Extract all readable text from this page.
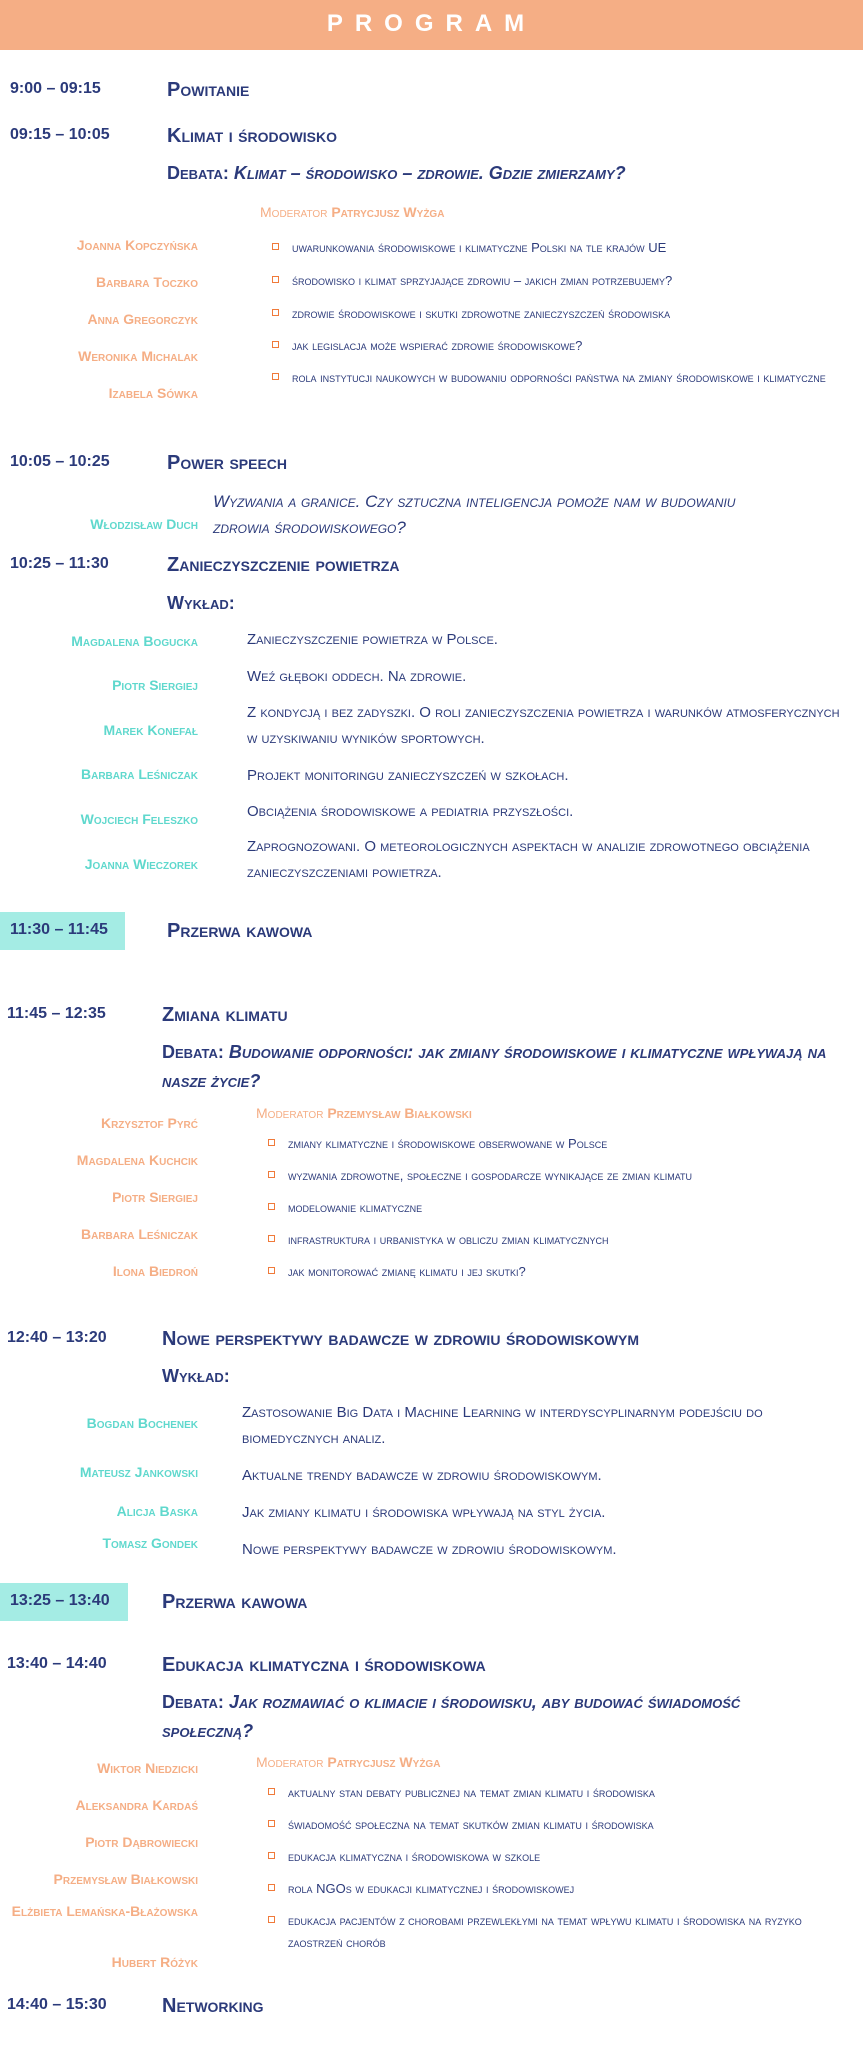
PROGRAM
9:00 – 09:15	Powitanie
09:15 – 10:05	Klimat i środowisko
Debata: Klimat – środowisko – zdrowie. Gdzie zmierzamy?
Moderator Patrycjusz Wyżga
Joanna Kopczyńska
Barbara Toczko
Anna Gregorczyk
Weronika Michalak
Izabela Sówka
uwarunkowania środowiskowe i klimatyczne Polski na tle krajów UE
środowisko i klimat sprzyjające zdrowiu – jakich zmian potrzebujemy?
zdrowie środowiskowe i skutki zdrowotne zanieczyszczeń środowiska
jak legislacja może wspierać zdrowie środowiskowe?
rola instytucji naukowych w budowaniu odporności państwa na zmiany środowiskowe i klimatyczne
10:05 – 10:25	Power speech
Włodzisław Duch
Wyzwania a granice. Czy sztuczna inteligencja pomoże nam w budowaniu zdrowia środowiskowego?
10:25 – 11:30	Zanieczyszczenie powietrza
Wykład:
Magdalena Bogucka	Zanieczyszczenie powietrza w Polsce.
Piotr Siergiej	Weź głęboki oddech. Na zdrowie.
Marek Konefał
Z kondycją i bez zadyszki. O roli zanieczyszczenia powietrza i warunków atmosferycznych w uzyskiwaniu wyników sportowych.
Barbara Leśniczak	Projekt monitoringu zanieczyszczeń w szkołach.
Wojciech Feleszko	Obciążenia środowiskowe a pediatria przyszłości.
Joanna Wieczorek
Zaprognozowani. O meteorologicznych aspektach w analizie zdrowotnego obciążenia zanieczyszczeniami powietrza.
11:30 – 11:45	Przerwa kawowa
11:45 – 12:35	Zmiana klimatu
Debata: Budowanie odporności: jak zmiany środowiskowe i klimatyczne wpływają na nasze życie?
Moderator Przemysław Białkowski
Krzysztof Pyrć
Magdalena Kuchcik
Piotr Siergiej
Barbara Leśniczak
Ilona Biedroń
zmiany klimatyczne i środowiskowe obserwowane w Polsce
wyzwania zdrowotne, społeczne i gospodarcze wynikające ze zmian klimatu
modelowanie klimatyczne
infrastruktura i urbanistyka w obliczu zmian klimatycznych
jak monitorować zmianę klimatu i jej skutki?
12:40 – 13:20	Nowe perspektywy badawcze w zdrowiu środowiskowym
Wykład:
Bogdan Bochenek
Zastosowanie Big Data i Machine Learning w interdyscyplinarnym podejściu do biomedycznych analiz.
Mateusz Jankowski	Aktualne trendy badawcze w zdrowiu środowiskowym.
Alicja Baska	Jak zmiany klimatu i środowiska wpływają na styl życia.
Tomasz Gondek	Nowe perspektywy badawcze w zdrowiu środowiskowym.
13:25 – 13:40	Przerwa kawowa
13:40 – 14:40	Edukacja klimatyczna i środowiskowa
Debata: Jak rozmawiać o klimacie i środowisku, aby budować świadomość społeczną?
Moderator Patrycjusz Wyżga
Wiktor Niedzicki
Aleksandra Kardaś
Piotr Dąbrowiecki
Przemysław Białkowski
Elżbieta Lemańska-Błażowska
Hubert Różyk
aktualny stan debaty publicznej na temat zmian klimatu i środowiska
świadomość społeczna na temat skutków zmian klimatu i środowiska
edukacja klimatyczna i środowiskowa w szkole
rola NGOs w edukacji klimatycznej i środowiskowej
edukacja pacjentów z chorobami przewlekłymi na temat wpływu klimatu i środowiska na ryzyko zaostrzeń chorób
14:40 – 15:30	Networking
